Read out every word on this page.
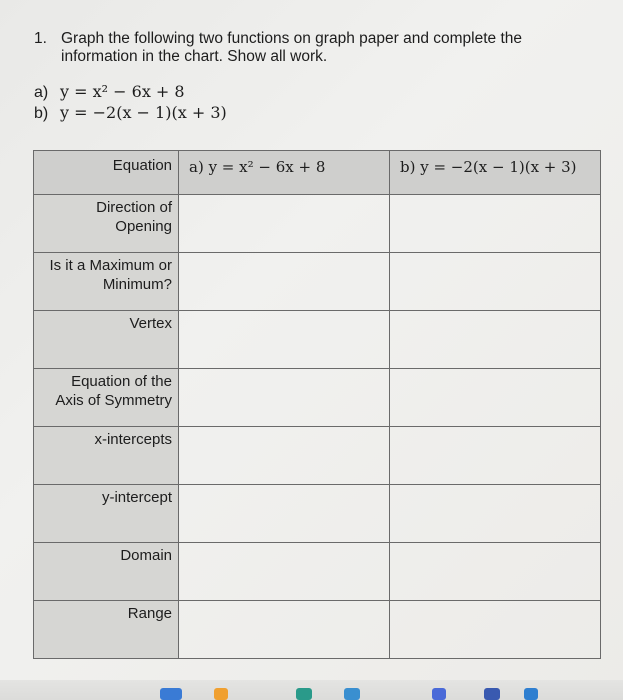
1. Graph the following two functions on graph paper and complete the information in the chart. Show all work.
a) y = x² − 6x + 8
b) y = −2(x − 1)(x + 3)
Equation	a) y = x² − 6x + 8	b) y = −2(x − 1)(x + 3)
Direction of Opening		
Is it a Maximum or Minimum?		
Vertex		
Equation of the Axis of Symmetry		
x-intercepts		
y-intercept		
Domain		
Range		
